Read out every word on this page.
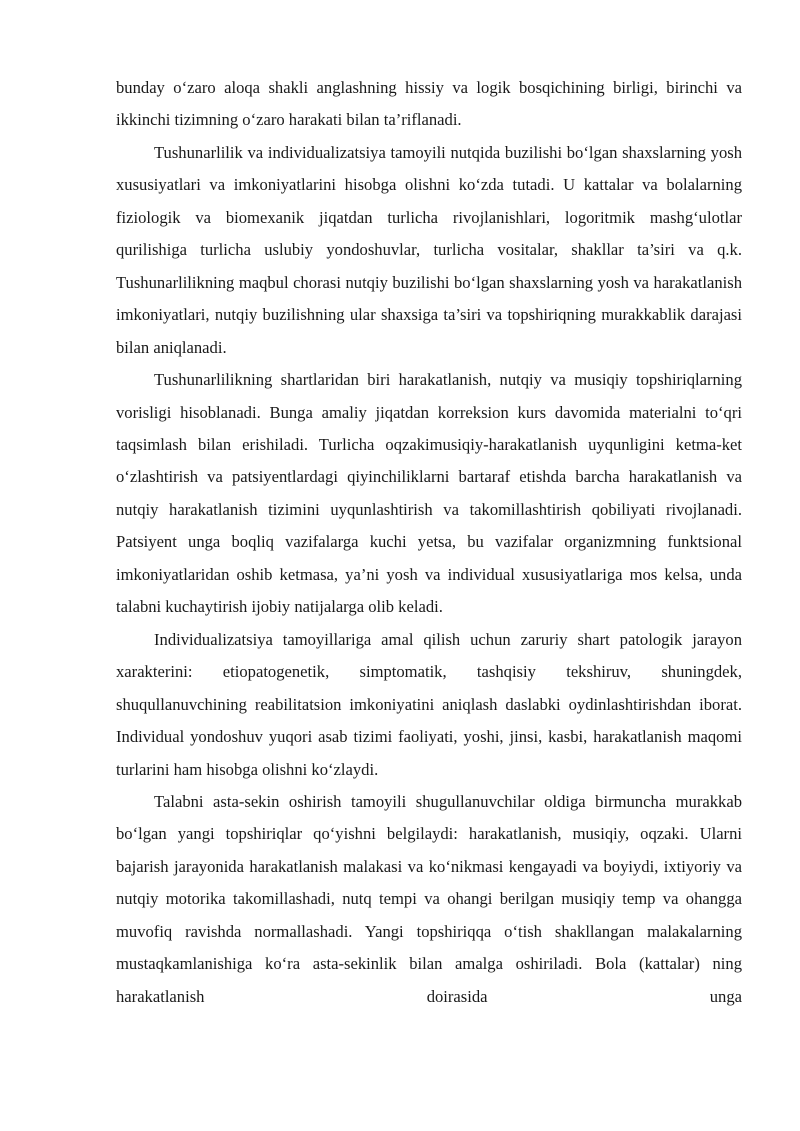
bunday o‘zaro aloqa shakli anglashning hissiy va logik bosqichining birligi, birinchi va ikkinchi tizimning o‘zaro harakati bilan ta’riflanadi.

Tushunarlilik va individualizatsiya tamoyili nutqida buzilishi bo‘lgan shaxslarning yosh xususiyatlari va imkoniyatlarini hisobga olishni ko‘zda tutadi. U kattalar va bolalarning fiziologik va biomexanik jiqatdan turlicha rivojlanishlari, logoritmik mashg‘ulotlar qurilishiga turlicha uslubiy yondoshuvlar, turlicha vositalar, shakllar ta’siri va q.k. Tushunarlilikning maqbul chorasi nutqiy buzilishi bo‘lgan shaxslarning yosh va harakatlanish imkoniyatlari, nutqiy buzilishning ular shaxsiga ta’siri va topshiriqning murakkablik darajasi bilan aniqlanadi.

Tushunarlilikning shartlaridan biri harakatlanish, nutqiy va musiqiy topshiriqlarning vorisligi hisoblanadi. Bunga amaliy jiqatdan korreksion kurs davomida materialni to‘qri taqsimlash bilan erishiladi. Turlicha oqzakimusiqiy-harakatlanish uyqunligini ketma-ket o‘zlashtirish va patsiyentlardagi qiyinchiliklarni bartaraf etishda barcha harakatlanish va nutqiy harakatlanish tizimini uyqunlashtirish va takomillashtirish qobiliyati rivojlanadi. Patsiyent unga boqliq vazifalarga kuchi yetsa, bu vazifalar organizmning funktsional imkoniyatlaridan oshib ketmasa, ya’ni yosh va individual xususiyatlariga mos kelsa, unda talabni kuchaytirish ijobiy natijalarga olib keladi.

Individualizatsiya tamoyillariga amal qilish uchun zaruriy shart patologik jarayon xarakterini: etiopatogenetik, simptomatik, tashqisiy tekshiruv, shuningdek, shuqullanuvchining reabilitatsion imkoniyatini aniqlash daslabki oydinlashtirishdan iborat. Individual yondoshuv yuqori asab tizimi faoliyati, yoshi, jinsi, kasbi, harakatlanish maqomi turlarini ham hisobga olishni ko‘zlaydi.

Talabni asta-sekin oshirish tamoyili shugullanuvchilar oldiga birmuncha murakkab bo‘lgan yangi topshiriqlar qo‘yishni belgilaydi: harakatlanish, musiqiy, oqzaki. Ularni bajarish jarayonida harakatlanish malakasi va ko‘nikmasi kengayadi va boyiydi, ixtiyoriy va nutqiy motorika takomillashadi, nutq tempi va ohangi berilgan musiqiy temp va ohangga muvofiq ravishda normallashadi. Yangi topshiriqqa o‘tish shakllangan malakalarning mustaqkamlanishiga ko‘ra asta-sekinlik bilan amalga oshiriladi. Bola (kattalar) ning harakatlanish doirasida unga
